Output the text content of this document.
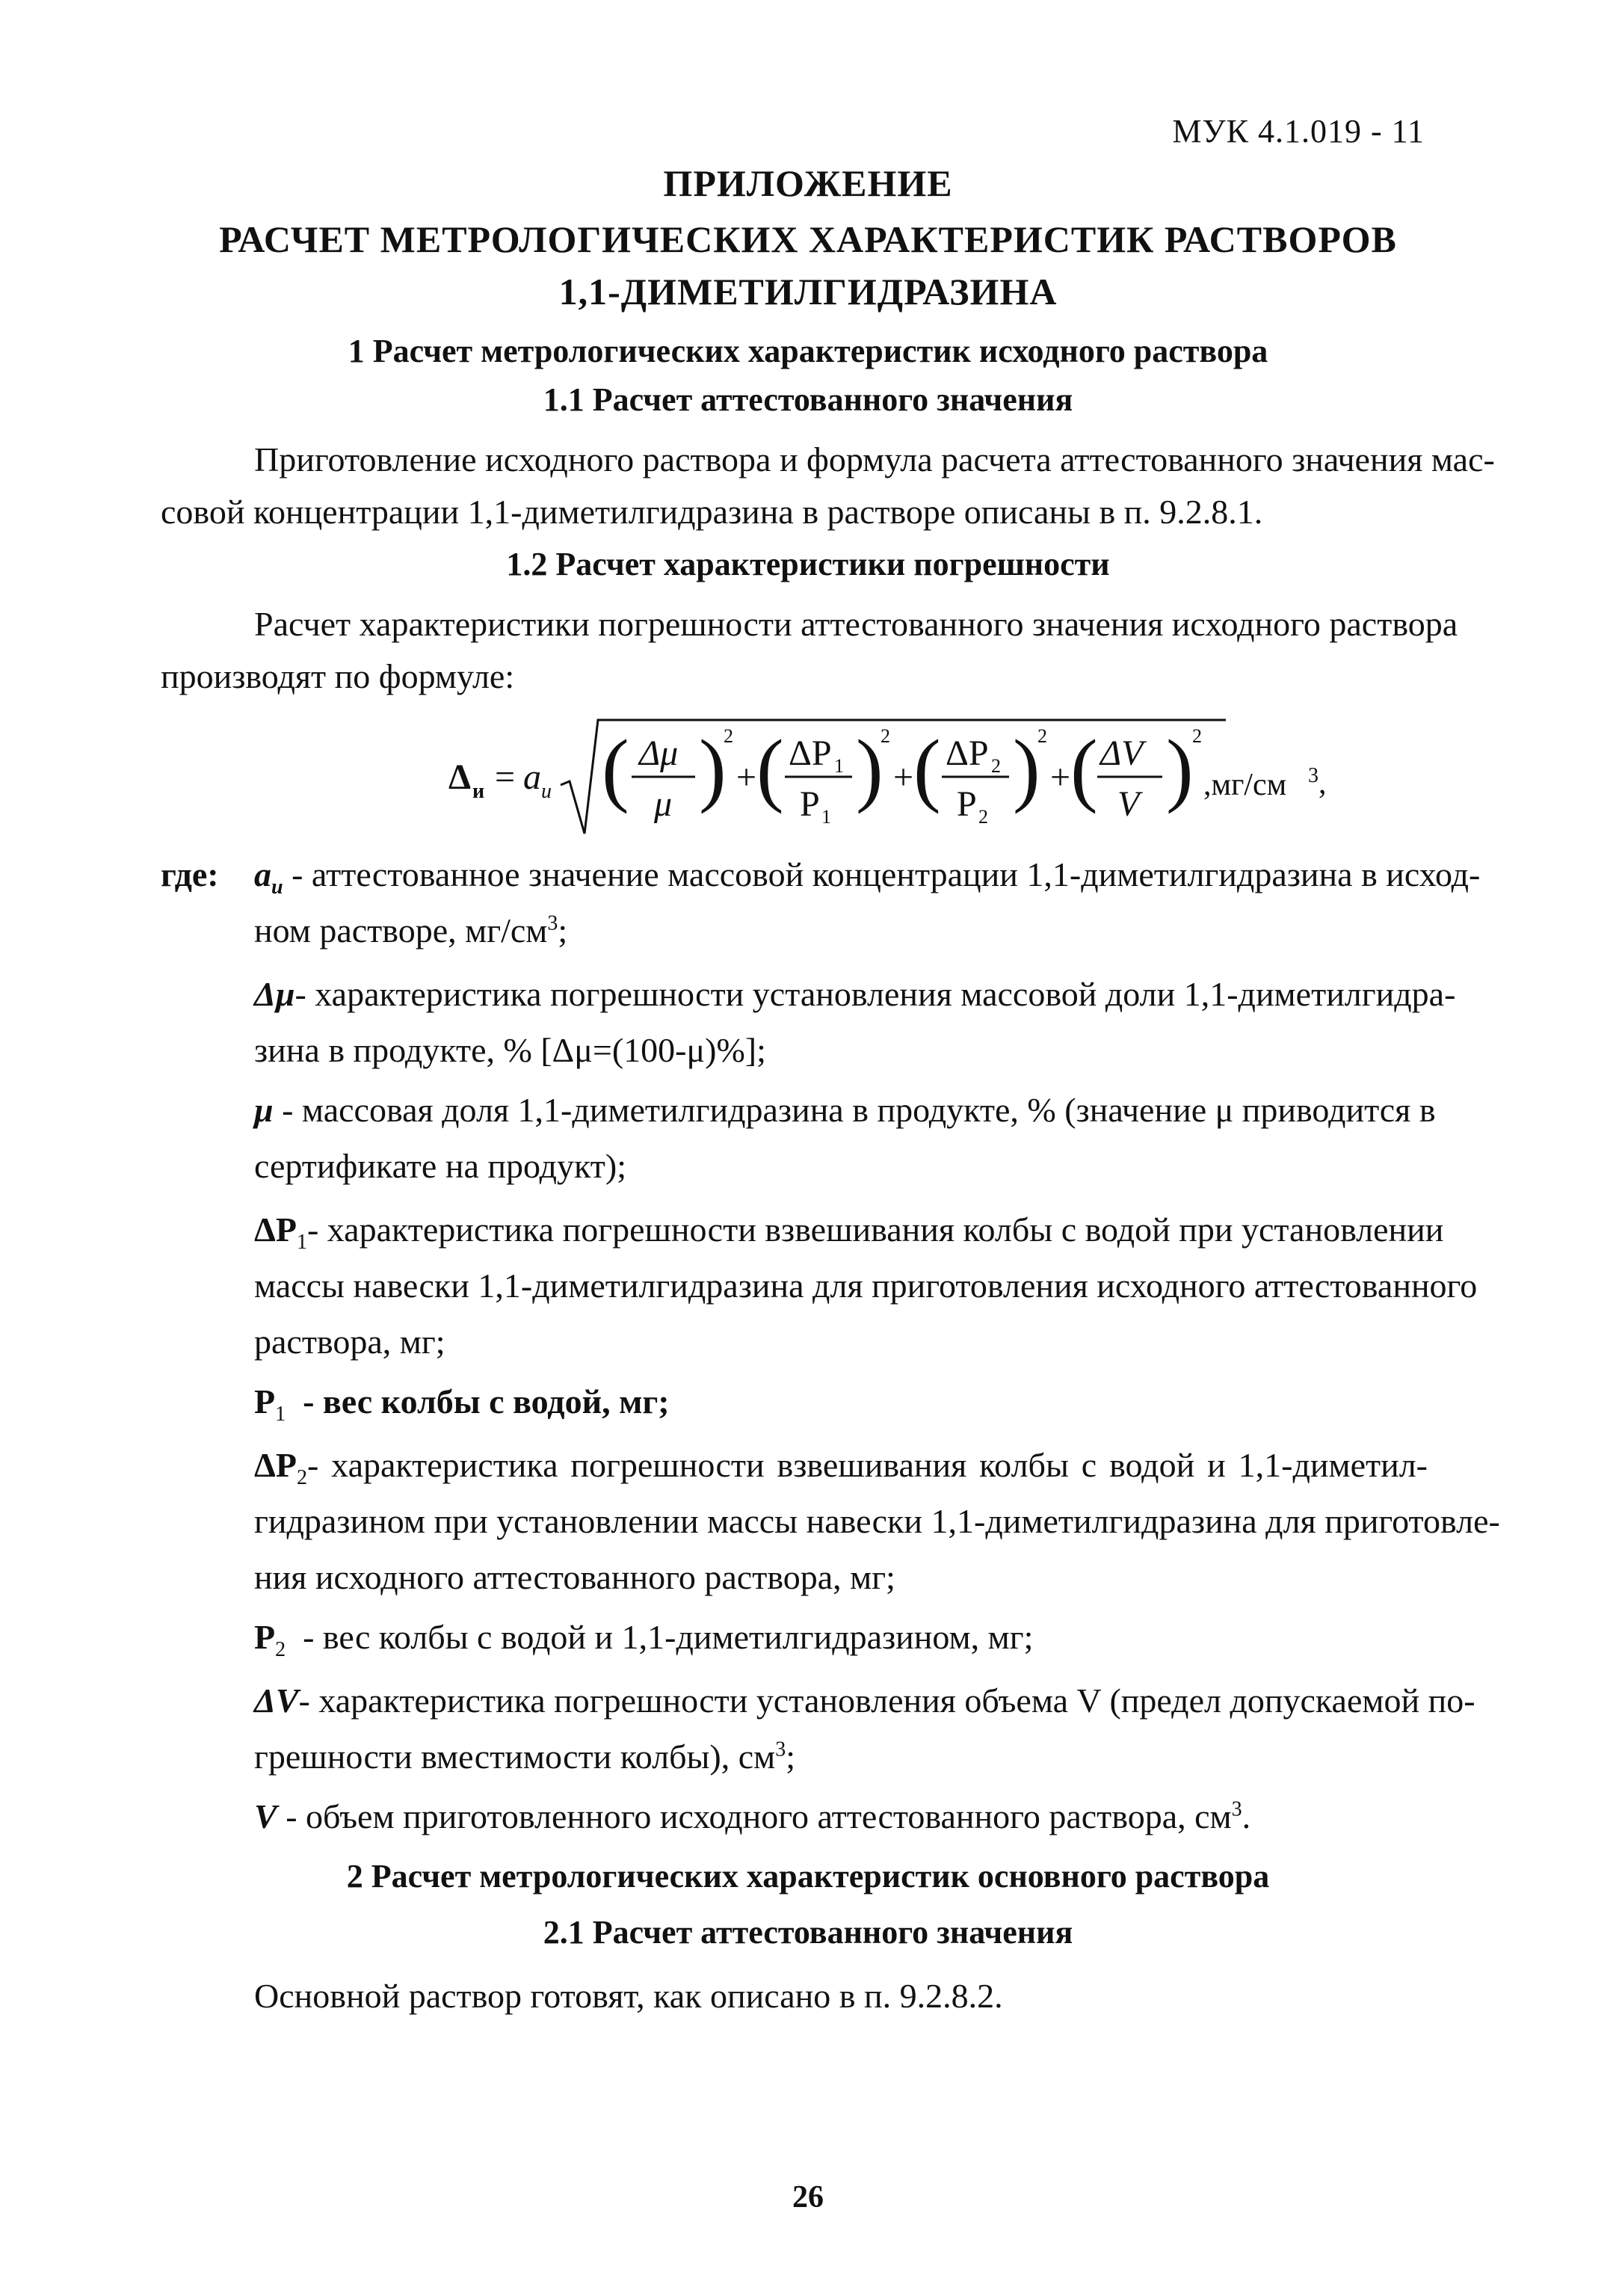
МУК 4.1.019 - 11
ПРИЛОЖЕНИЕ
РАСЧЕТ МЕТРОЛОГИЧЕСКИХ ХАРАКТЕРИСТИК РАСТВОРОВ
1,1-ДИМЕТИЛГИДРАЗИНА
1 Расчет метрологических характеристик исходного раствора
1.1 Расчет аттестованного значения
Приготовление исходного раствора и формула расчета аттестованного значения мас-
совой концентрации 1,1-диметилгидразина в растворе описаны в п. 9.2.8.1.
1.2 Расчет характеристики погрешности
Расчет характеристики погрешности аттестованного значения исходного раствора
производят по формуле:
Δ и = a и ( Δμ
μ )
2
+ ( ΔP 1
P 1
)
2
+ ( ΔP 2
P 2
)
2
+ ( ΔV
V )
2
,мг/см $^3$,
где: $a_и$ - аттестованное значение массовой концентрации 1,1-диметилгидразина в исход-
ном растворе, $мг/см^3$;
Δμ- характеристика погрешности установления массовой доли 1,1-диметилгидра-
зина в продукте, % [Δμ=(100-μ)%];
μ - массовая доля 1,1-диметилгидразина в продукте, % (значение μ приводится в
сертификате на продукт);
$\Delta P_1-$ характеристика погрешности взвешивания колбы с водой при установлении
массы навески 1,1-диметилгидразина для приготовления исходного аттестованного
раствора, мг;
$P_1$ - вес колбы с водой, мг;
$\Delta P_2-$ характеристика погрешности взвешивания колбы с водой и 1,1-диметил-
гидразином при установлении массы навески 1,1-диметилгидразина для приготовле-
ния исходного аттестованного раствора, мг;
$P_2$ - вес колбы с водой и 1,1-диметилгидразином, мг;
ΔV- характеристика погрешности установления объема V (предел допускаемой по-
грешности вместимости колбы), $см^3$;
V - объем приготовленного исходного аттестованного раствора, $см^3$.
2 Расчет метрологических характеристик основного раствора
2.1 Расчет аттестованного значения
Основной раствор готовят, как описано в п. 9.2.8.2.
26
